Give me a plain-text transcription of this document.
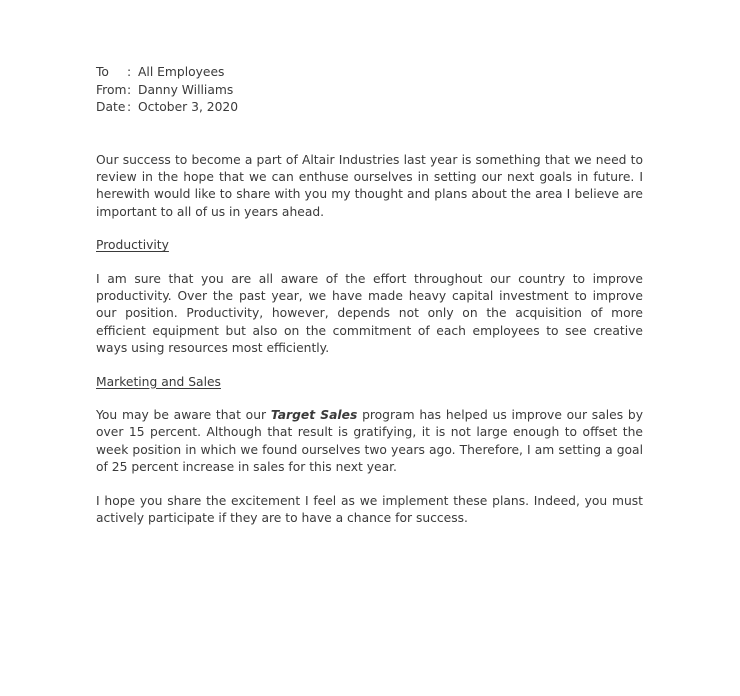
To : All Employees
From: Danny Williams
Date : October 3, 2020

Our success to become a part of Altair Industries last year is something that we need to review in the hope that we can enthuse ourselves in setting our next goals in future. I herewith would like to share with you my thought and plans about the area I believe are important to all of us in years ahead.

Productivity

I am sure that you are all aware of the effort throughout our country to improve productivity. Over the past year, we have made heavy capital investment to improve our position. Productivity, however, depends not only on the acquisition of more efficient equipment but also on the commitment of each employees to see creative ways using resources most efficiently.

Marketing and Sales

You may be aware that our Target Sales program has helped us improve our sales by over 15 percent. Although that result is gratifying, it is not large enough to offset the week position in which we found ourselves two years ago. Therefore, I am setting a goal of 25 percent increase in sales for this next year.

I hope you share the excitement I feel as we implement these plans. Indeed, you must actively participate if they are to have a chance for success.
